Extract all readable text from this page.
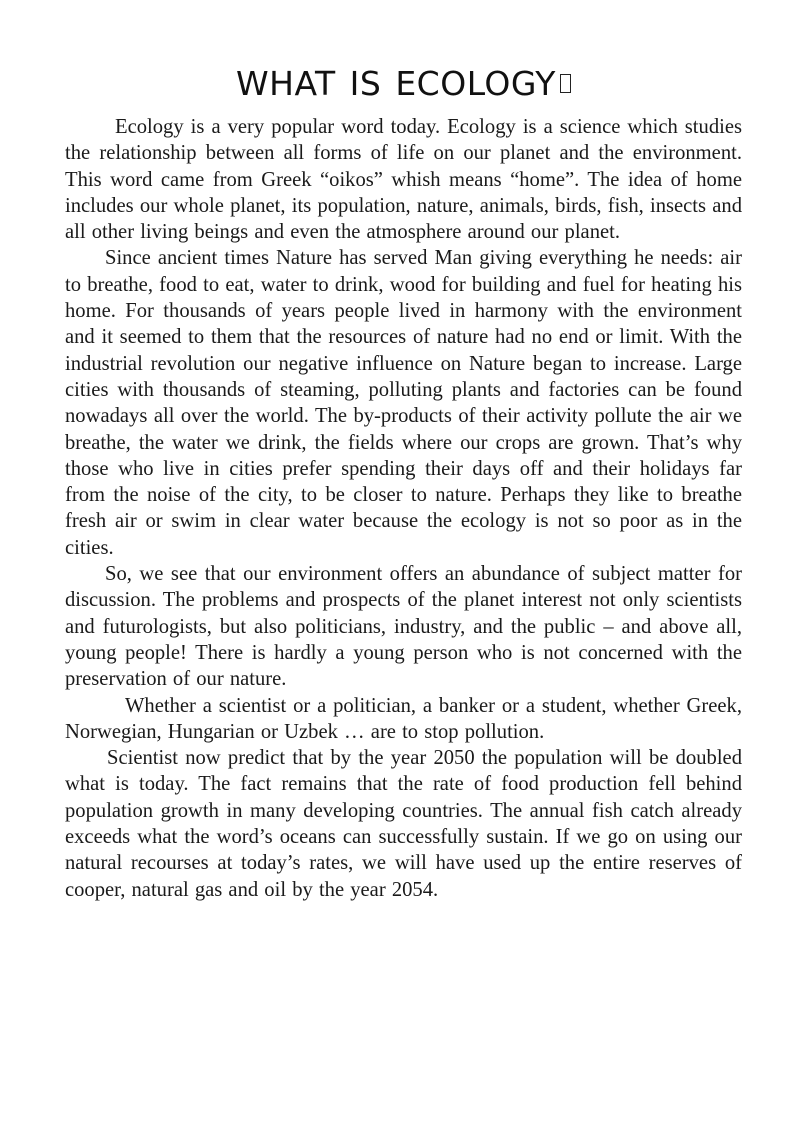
WHAT IS ECOLOGY

Ecology is a very popular word today. Ecology is a science which studies the relationship between all forms of life on our planet and the environment. This word came from Greek “oikos” whish means “home”. The idea of home includes our whole planet, its population, nature, animals, birds, fish, insects and all other living beings and even the atmosphere around our planet.

Since ancient times Nature has served Man giving everything he needs: air to breathe, food to eat, water to drink, wood for building and fuel for heating his home. For thousands of years people lived in harmony with the environment and it seemed to them that the resources of nature had no end or limit. With the industrial revolution our negative influence on Nature began to increase. Large cities with thousands of steaming, polluting plants and factories can be found nowadays all over the world. The by-products of their activity pollute the air we breathe, the water we drink, the fields where our crops are grown. That’s why those who live in cities prefer spending their days off and their holidays far from the noise of the city, to be closer to nature. Perhaps they like to breathe fresh air or swim in clear water because the ecology is not so poor as in the cities.

So, we see that our environment offers an abundance of subject matter for discussion. The problems and prospects of the planet interest not only scientists and futurologists, but also politicians, industry, and the public – and above all, young people! There is hardly a young person who is not concerned with the preservation of our nature.

Whether a scientist or a politician, a banker or a student, whether Greek, Norwegian, Hungarian or Uzbek … are to stop pollution.

Scientist now predict that by the year 2050 the population will be doubled what is today. The fact remains that the rate of food production fell behind population growth in many developing countries. The annual fish catch already exceeds what the word’s oceans can successfully sustain. If we go on using our natural recourses at today’s rates, we will have used up the entire reserves of cooper, natural gas and oil by the year 2054.
